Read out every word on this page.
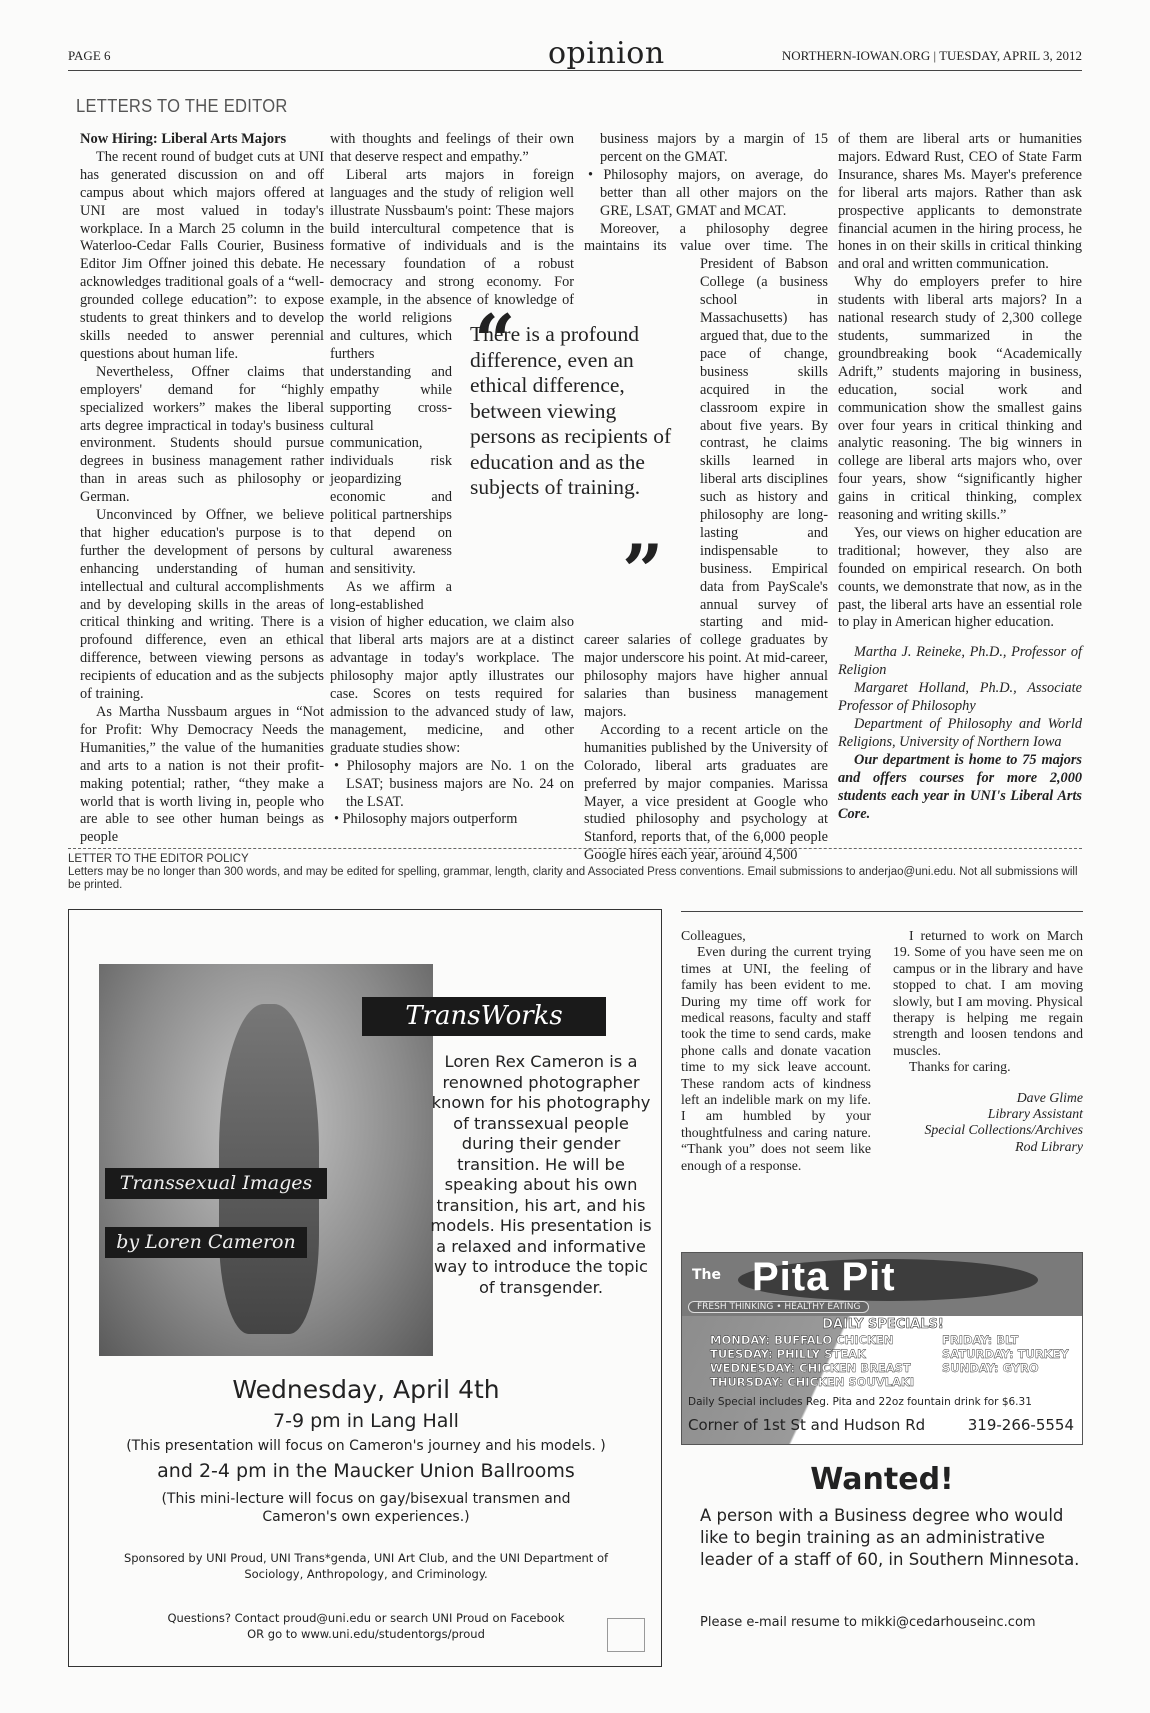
PAGE 6	opinion	NORTHERN-IOWAN.ORG | TUESDAY, APRIL 3, 2012
LETTERS TO THE EDITOR
Now Hiring: Liberal Arts Majors

The recent round of budget cuts at UNI has generated discussion on and off campus about which majors offered at UNI are most valued in today's workplace. In a March 25 column in the Waterloo-Cedar Falls Courier, Business Editor Jim Offner joined this debate. He acknowledges traditional goals of a “well-grounded college education”: to expose students to great thinkers and to develop skills needed to answer perennial questions about human life.

Nevertheless, Offner claims that employers' demand for “highly specialized workers” makes the liberal arts degree impractical in today's business environment. Students should pursue degrees in business management rather than in areas such as philosophy or German.

Unconvinced by Offner, we believe that higher education's purpose is to further the development of persons by enhancing understanding of human intellectual and cultural accomplishments and by developing skills in the areas of critical thinking and writing. There is a profound difference, even an ethical difference, between viewing persons as recipients of education and as the subjects of training.

As Martha Nussbaum argues in “Not for Profit: Why Democracy Needs the Humanities,” the value of the humanities and arts to a nation is not their profit-making potential; rather, “they make a world that is worth living in, people who are able to see other human beings as people

with thoughts and feelings of their own that deserve respect and empathy.”

Liberal arts majors in foreign languages and the study of religion well illustrate Nussbaum's point: These majors build intercultural competence that is formative of individuals and is the necessary foundation of a robust democracy and strong economy. For example, in the absence of knowledge of the world religions and cultures, which furthers understanding and empathy while supporting cross-cultural communication, individuals risk jeopardizing economic and political partnerships that depend on cultural awareness and sensitivity.

As we affirm a long-established vision of higher education, we claim also that liberal arts majors are at a distinct advantage in today's workplace. The philosophy major aptly illustrates our case. Scores on tests required for admission to the advanced study of law, management, medicine, and other graduate studies show:

• Philosophy majors are No. 1 on the LSAT; business majors are No. 24 on the LSAT.
• Philosophy majors outperform

business majors by a margin of 15 percent on the GMAT.

• Philosophy majors, on average, do better than all other majors on the GRE, LSAT, GMAT and MCAT.

Moreover, a philosophy degree maintains its value over time. The President of Babson College (a business school in Massachusetts) has argued that, due to the pace of change, business skills acquired in the classroom expire in about five years. By contrast, he claims skills learned in liberal arts disciplines such as history and philosophy are long-lasting and indispensable to business. Empirical data from PayScale's annual survey of starting and mid-career salaries of college graduates by major underscore his point. At mid-career, philosophy majors have higher annual salaries than business management majors.

According to a recent article on the humanities published by the University of Colorado, liberal arts graduates are preferred by major companies. Marissa Mayer, a vice president at Google who studied philosophy and psychology at Stanford, reports that, of the 6,000 people Google hires each year, around 4,500

of them are liberal arts or humanities majors. Edward Rust, CEO of State Farm Insurance, shares Ms. Mayer's preference for liberal arts majors. Rather than ask prospective applicants to demonstrate financial acumen in the hiring process, he hones in on their skills in critical thinking and oral and written communication.

Why do employers prefer to hire students with liberal arts majors? In a national research study of 2,300 college students, summarized in the groundbreaking book “Academically Adrift,” students majoring in business, education, social work and communication show the smallest gains over four years in critical thinking and analytic reasoning. The big winners in college are liberal arts majors who, over four years, show “significantly higher gains in critical thinking, complex reasoning and writing skills.”

Yes, our views on higher education are traditional; however, they also are founded on empirical research. On both counts, we demonstrate that now, as in the past, the liberal arts have an essential role to play in American higher education.

Martha J. Reineke, Ph.D., Professor of Religion

Margaret Holland, Ph.D., Associate Professor of Philosophy

Department of Philosophy and World Religions, University of Northern Iowa

Our department is home to 75 majors and offers courses for more 2,000 students each year in UNI's Liberal Arts Core.

“
There is a profound difference, even an ethical difference, between viewing persons as recipients of education and as the subjects of training.
”
LETTER TO THE EDITOR POLICY
Letters may be no longer than 300 words, and may be edited for spelling, grammar, length, clarity and Associated Press conventions. Email submissions to anderjao@uni.edu. Not all submissions will be printed.
TransWorks
Transsexual Images
by Loren Cameron
Loren Rex Cameron is a renowned photographer known for his photography of transsexual people during their gender transition. He will be speaking about his own transition, his art, and his models. His presentation is a relaxed and informative way to introduce the topic of transgender.
Wednesday, April 4th
7-9 pm in Lang Hall
(This presentation will focus on Cameron's journey and his models. )
and 2-4 pm in the Maucker Union Ballrooms
(This mini-lecture will focus on gay/bisexual transmen and Cameron's own experiences.)
Sponsored by UNI Proud, UNI Trans*genda, UNI Art Club, and the UNI Department of Sociology, Anthropology, and Criminology.
Questions? Contact proud@uni.edu or search UNI Proud on Facebook
OR go to www.uni.edu/studentorgs/proud

Colleagues,

Even during the current trying times at UNI, the feeling of family has been evident to me. During my time off work for medical reasons, faculty and staff took the time to send cards, make phone calls and donate vacation time to my sick leave account. These random acts of kindness left an indelible mark on my life. I am humbled by your thoughtfulness and caring nature. “Thank you” does not seem like enough of a response.

I returned to work on March 19. Some of you have seen me on campus or in the library and have stopped to chat. I am moving slowly, but I am moving. Physical therapy is helping me regain strength and loosen tendons and muscles.

Thanks for caring.

Dave Glime

Library Assistant

Special Collections/Archives

Rod Library

The Pita Pit
FRESH THINKING • HEALTHY EATING
DAILY SPECIALS!
MONDAY: BUFFALO CHICKEN
TUESDAY: PHILLY STEAK
WEDNESDAY: CHICKEN BREAST
THURSDAY: CHICKEN SOUVLAKI
FRIDAY: BLT
SATURDAY: TURKEY
SUNDAY: GYRO
Daily Special includes Reg. Pita and 22oz fountain drink for $6.31
Corner of 1st St and Hudson Rd	319-266-5554
Wanted!
A person with a Business degree who would like to begin training as an administrative leader of a staff of 60, in Southern Minnesota.
Please e-mail resume to mikki@cedarhouseinc.com
